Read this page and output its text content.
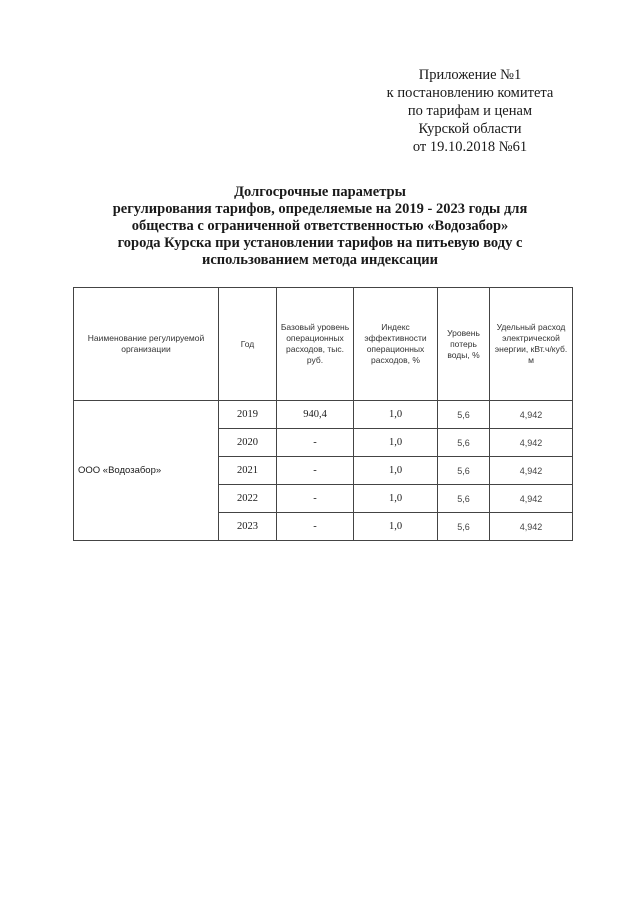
Приложение №1
к постановлению комитета
по тарифам и ценам
Курской области
от 19.10.2018 №61
Долгосрочные параметры
регулирования тарифов, определяемые на 2019 - 2023 годы для
общества с ограниченной ответственностью «Водозабор»
города Курска при установлении тарифов на питьевую воду с
использованием метода индексации
Наименование регулируемой организации	Год	Базовый уровень операционных расходов, тыс. руб.	Индекс эффективности операционных расходов, %	Уровень потерь воды, %	Удельный расход электрической энергии, кВт.ч/куб. м
ООО «Водозабор»	2019	940,4	1,0	5,6	4,942
	2020	-	1,0	5,6	4,942
	2021	-	1,0	5,6	4,942
	2022	-	1,0	5,6	4,942
	2023	-	1,0	5,6	4,942
